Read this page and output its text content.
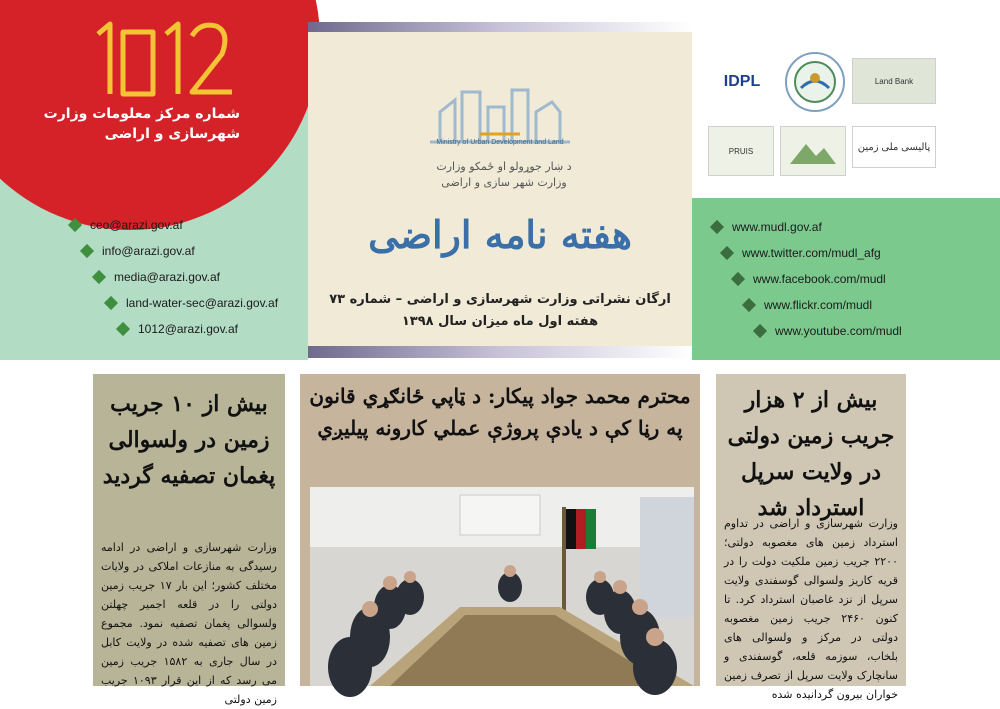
شماره مرکز معلومات وزارت شهرسازی و اراضی
ceo@arazi.gov.af
info@arazi.gov.af
media@arazi.gov.af
land-water-sec@arazi.gov.af
1012@arazi.gov.af
Ministry of Urban Development and Land
د ښار جوړولو او ځمکو وزارت
وزارت شهر سازی و اراضی
هفته نامه اراضی
ارگان نشراتی وزارت شهرسازی و اراضی – شماره ۷۳
هفته اول ماه میزان سال ۱۳۹۸
IDPL	Land Bank
PRUIS	پالیسی ملی زمین
www.mudl.gov.af
www.twitter.com/mudl_afg
www.facebook.com/mudl
www.flickr.com/mudl
www.youtube.com/mudl
بیش از ۱۰ جریب زمین در ولسوالی پغمان تصفیه گردید
وزارت شهرسازی و اراضی در ادامه رسیدگی به منازعات املاکی در ولایات مختلف کشور؛ این بار ۱۷ جریب زمین دولتی را در قلعه اجمیر چهلتن ولسوالی پغمان تصفیه نمود. مجموع زمین های تصفیه شده در ولایت کابل در سال جاری به ۱۵۸۲ جریب زمین می رسد که از این قرار ۱۰۹۳ جریب زمین دولتی
محترم محمد جواد پیکار: د ټاپي ځانګړي قانون په رڼا کې د یادې پروژې عملي کارونه پیلیږي
بیش از ۲ هزار جریب زمین دولتی در ولایت سرپل استرداد شد
وزارت شهرسازی و اراضی در تداوم استرداد زمین های مغصوبه دولتی؛ ۲۲۰۰ جریب زمین ملکیت دولت را در قریه کاریز ولسوالی گوسفندی ولایت سرپل از نزد غاصبان استرداد کرد. تا کنون ۲۴۶۰ جریب زمین مغصوبه دولتی در مرکز و ولسوالی های بلخاب، سوزمه قلعه، گوسفندی و سانچارک ولایت سرپل از تصرف زمین خواران بیرون گردانیده شده
